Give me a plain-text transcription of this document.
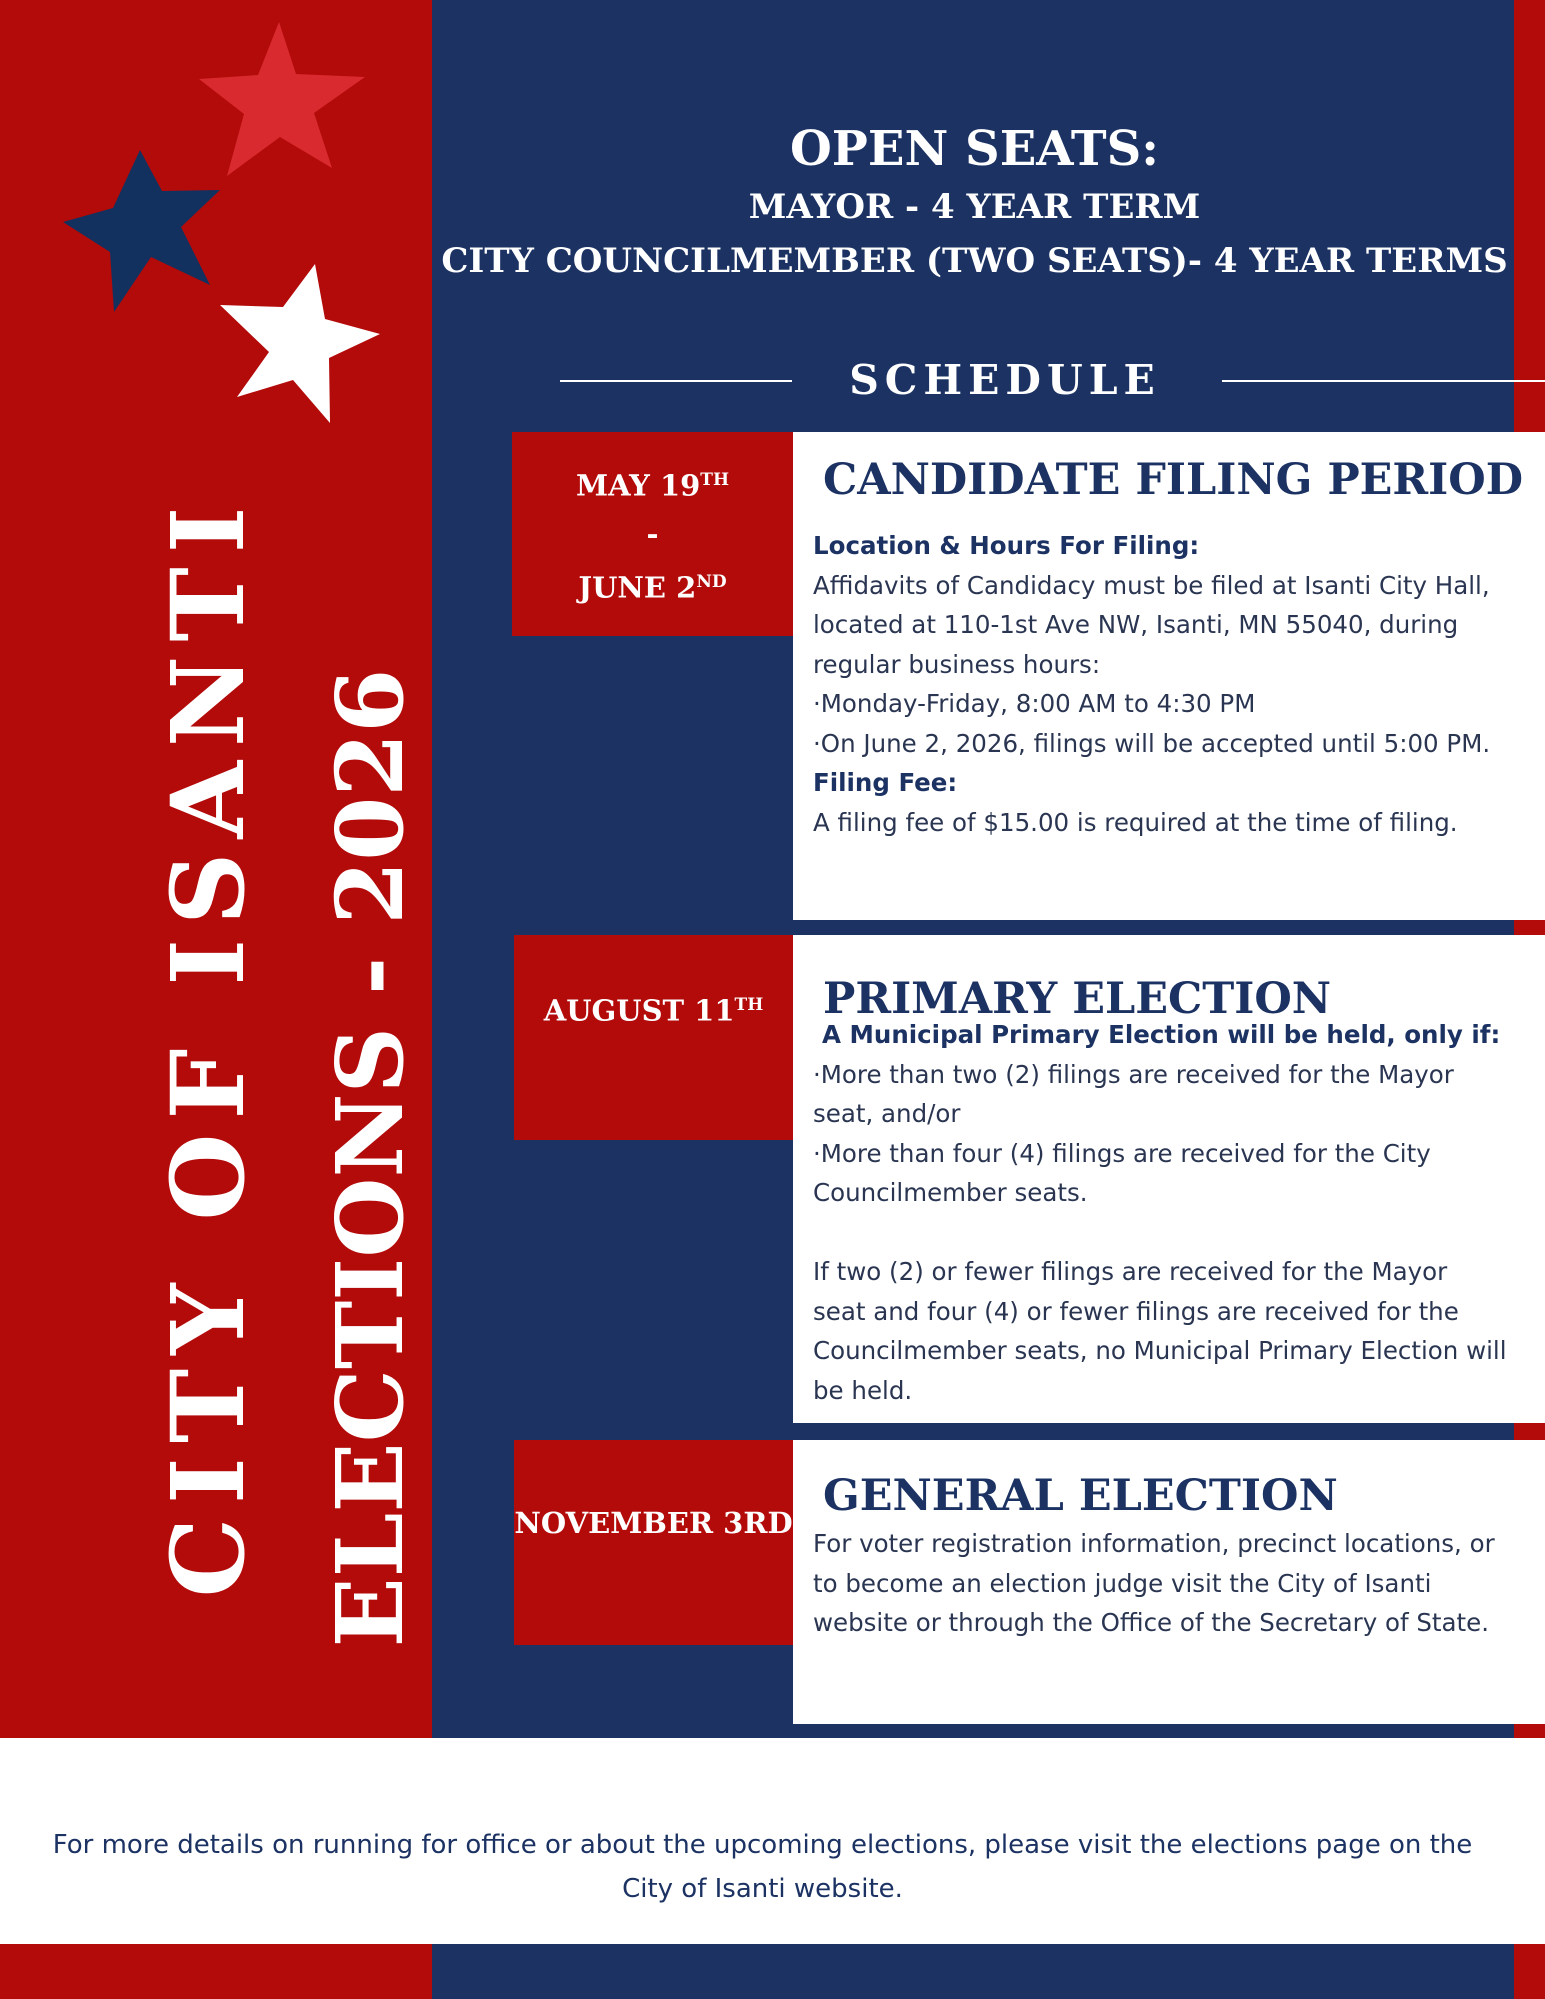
CITY OF ISANTI ELECTIONS - 2026
OPEN SEATS:
MAYOR - 4 YEAR TERM
CITY COUNCILMEMBER (TWO SEATS)- 4 YEAR TERMS
SCHEDULE
MAY 19TH
-
JUNE 2ND
CANDIDATE FILING PERIOD
Location & Hours For Filing:
Affidavits of Candidacy must be filed at Isanti City Hall,
located at 110-1st Ave NW, Isanti, MN 55040, during
regular business hours:
·Monday-Friday, 8:00 AM to 4:30 PM
·On June 2, 2026, filings will be accepted until 5:00 PM.
Filing Fee:
A filing fee of $15.00 is required at the time of filing.
AUGUST 11TH	PRIMARY ELECTION
A Municipal Primary Election will be held, only if:
·More than two (2) filings are received for the Mayor
seat, and/or
·More than four (4) filings are received for the City
Councilmember seats.
If two (2) or fewer filings are received for the Mayor
seat and four (4) or fewer filings are received for the
Councilmember seats, no Municipal Primary Election will
be held.
NOVEMBER 3RD
GENERAL ELECTION
For voter registration information, precinct locations, or
to become an election judge visit the City of Isanti
website or through the Office of the Secretary of State.
For more details on running for office or about the upcoming elections, please visit the elections page on the
City of Isanti website.
